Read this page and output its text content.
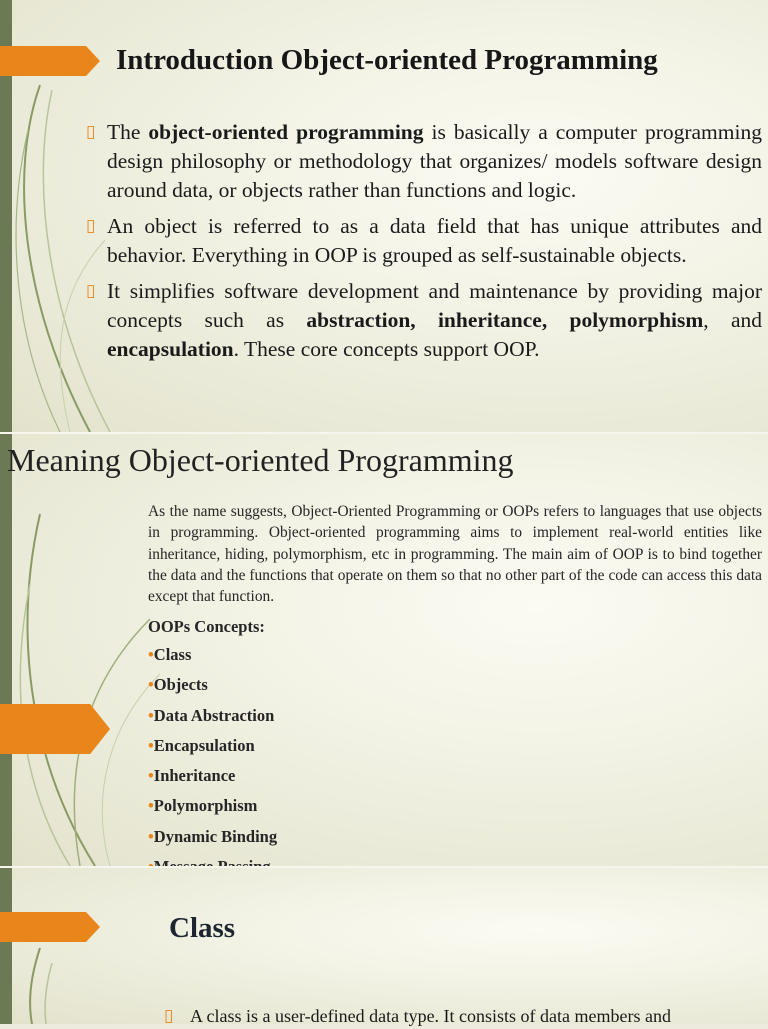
Introduction Object-oriented Programming
▯ The object-oriented programming is basically a computer programming design philosophy or methodology that organizes/ models software design around data, or objects rather than functions and logic.
▯ An object is referred to as a data field that has unique attributes and behavior. Everything in OOP is grouped as self-sustainable objects.
▯ It simplifies software development and maintenance by providing major concepts such as abstraction, inheritance, polymorphism, and encapsulation. These core concepts support OOP.
Meaning Object-oriented Programming

As the name suggests, Object-Oriented Programming or OOPs refers to languages that use objects in programming. Object-oriented programming aims to implement real-world entities like inheritance, hiding, polymorphism, etc in programming. The main aim of OOP is to bind together the data and the functions that operate on them so that no other part of the code can access this data except that function.

OOPs Concepts:
•Class
•Objects
•Data Abstraction
•Encapsulation
•Inheritance
•Polymorphism
•Dynamic Binding
Class
▯ A class is a user-defined data type. It consists of data members and
